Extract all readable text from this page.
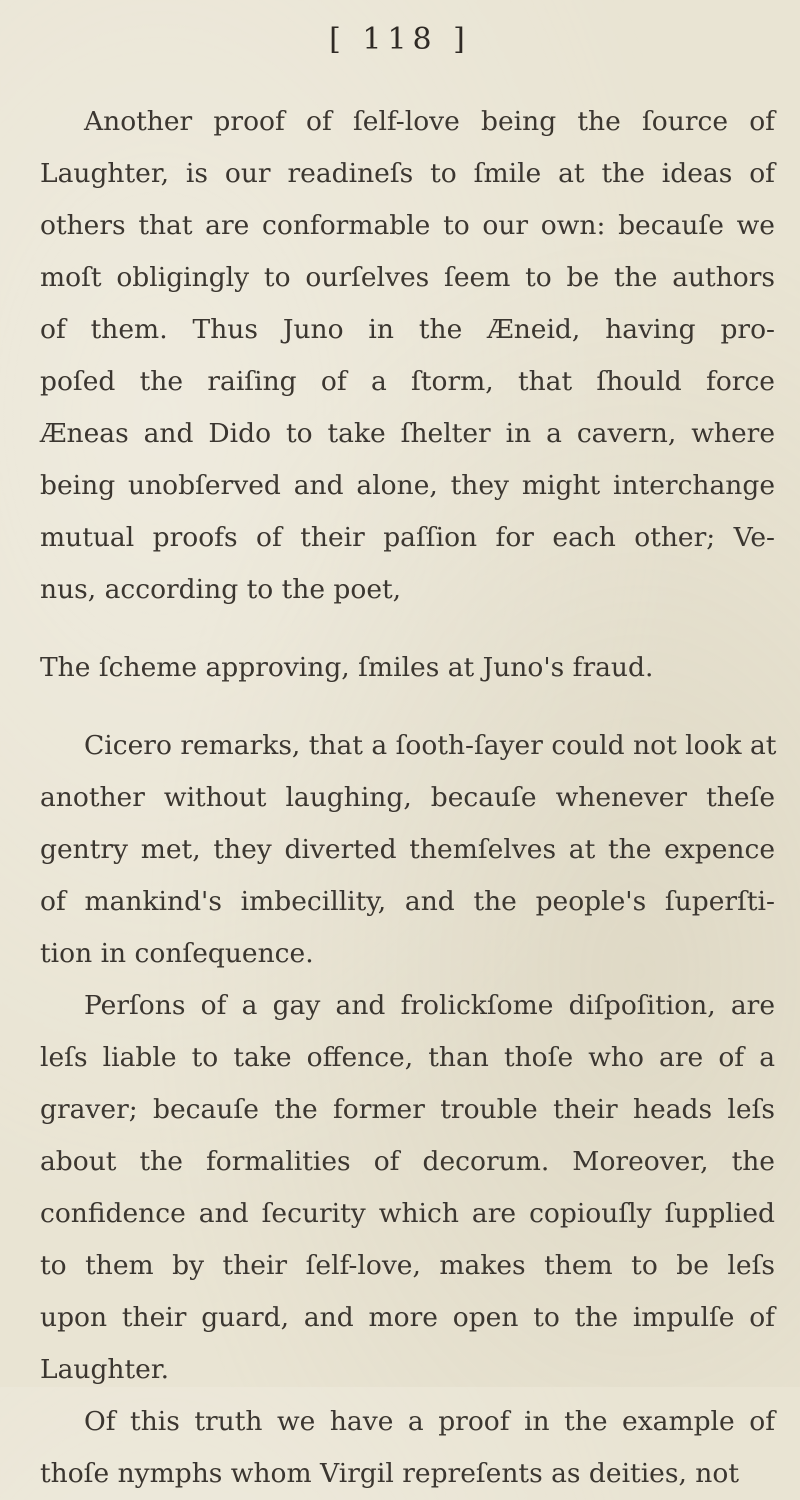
[ 118 ]
Another proof of ſelf-love being the ſource of
Laughter, is our readineſs to ſmile at the ideas of
others that are conformable to our own: becauſe we
moſt obligingly to ourſelves ſeem to be the authors
of them. Thus Juno in the Æneid, having pro-
poſed the raiſing of a ſtorm, that ſhould force
Æneas and Dido to take ſhelter in a cavern, where
being unobſerved and alone, they might interchange
mutual proofs of their paſſion for each other; Ve-
nus, according to the poet,
The ſcheme approving, ſmiles at Juno's fraud.
Cicero remarks, that a ſooth-ſayer could not look at
another without laughing, becauſe whenever theſe
gentry met, they diverted themſelves at the expence
of mankind's imbecillity, and the people's ſuperſti-
tion in conſequence.
Perſons of a gay and frolickſome diſpoſition, are
leſs liable to take offence, than thoſe who are of a
graver; becauſe the former trouble their heads leſs
about the formalities of decorum. Moreover, the
confidence and ſecurity which are copiouſly ſupplied
to them by their ſelf-love, makes them to be leſs
upon their guard, and more open to the impulſe of
Laughter.
Of this truth we have a proof in the example of
thoſe nymphs whom Virgil repreſents as deities, not
